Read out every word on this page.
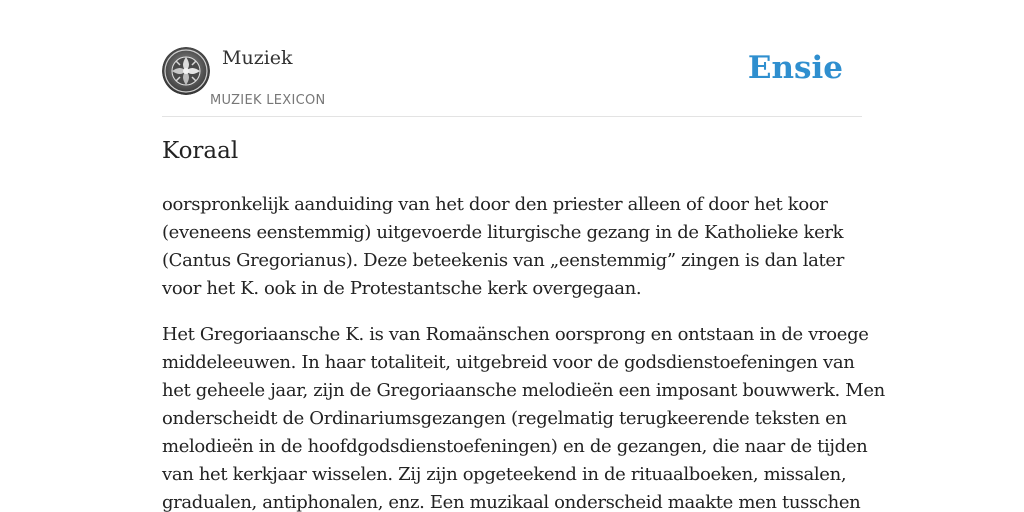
Muziek
MUZIEK LEXICON
Ensie
Koraal

oorspronkelijk aanduiding van het door den priester alleen of door het koor
(eveneens eenstemmig) uitgevoerde liturgische gezang in de Katholieke kerk
(Cantus Gregorianus). Deze beteekenis van „eenstemmig” zingen is dan later
voor het K. ook in de Protestantsche kerk overgegaan.

Het Gregoriaansche K. is van Romaänschen oorsprong en ontstaan in de vroege
middeleeuwen. In haar totaliteit, uitgebreid voor de godsdienstoefeningen van
het geheele jaar, zijn de Gregoriaansche melodieën een imposant bouwwerk. Men
onderscheidt de Ordinariumsgezangen (regelmatig terugkeerende teksten en
melodieën in de hoofdgodsdienstoefeningen) en de gezangen, die naar de tijden
van het kerkjaar wisselen. Zij zijn opgeteekend in de rituaalboeken, missalen,
gradualen, antiphonalen, enz. Een muzikaal onderscheid maakte men tusschen
